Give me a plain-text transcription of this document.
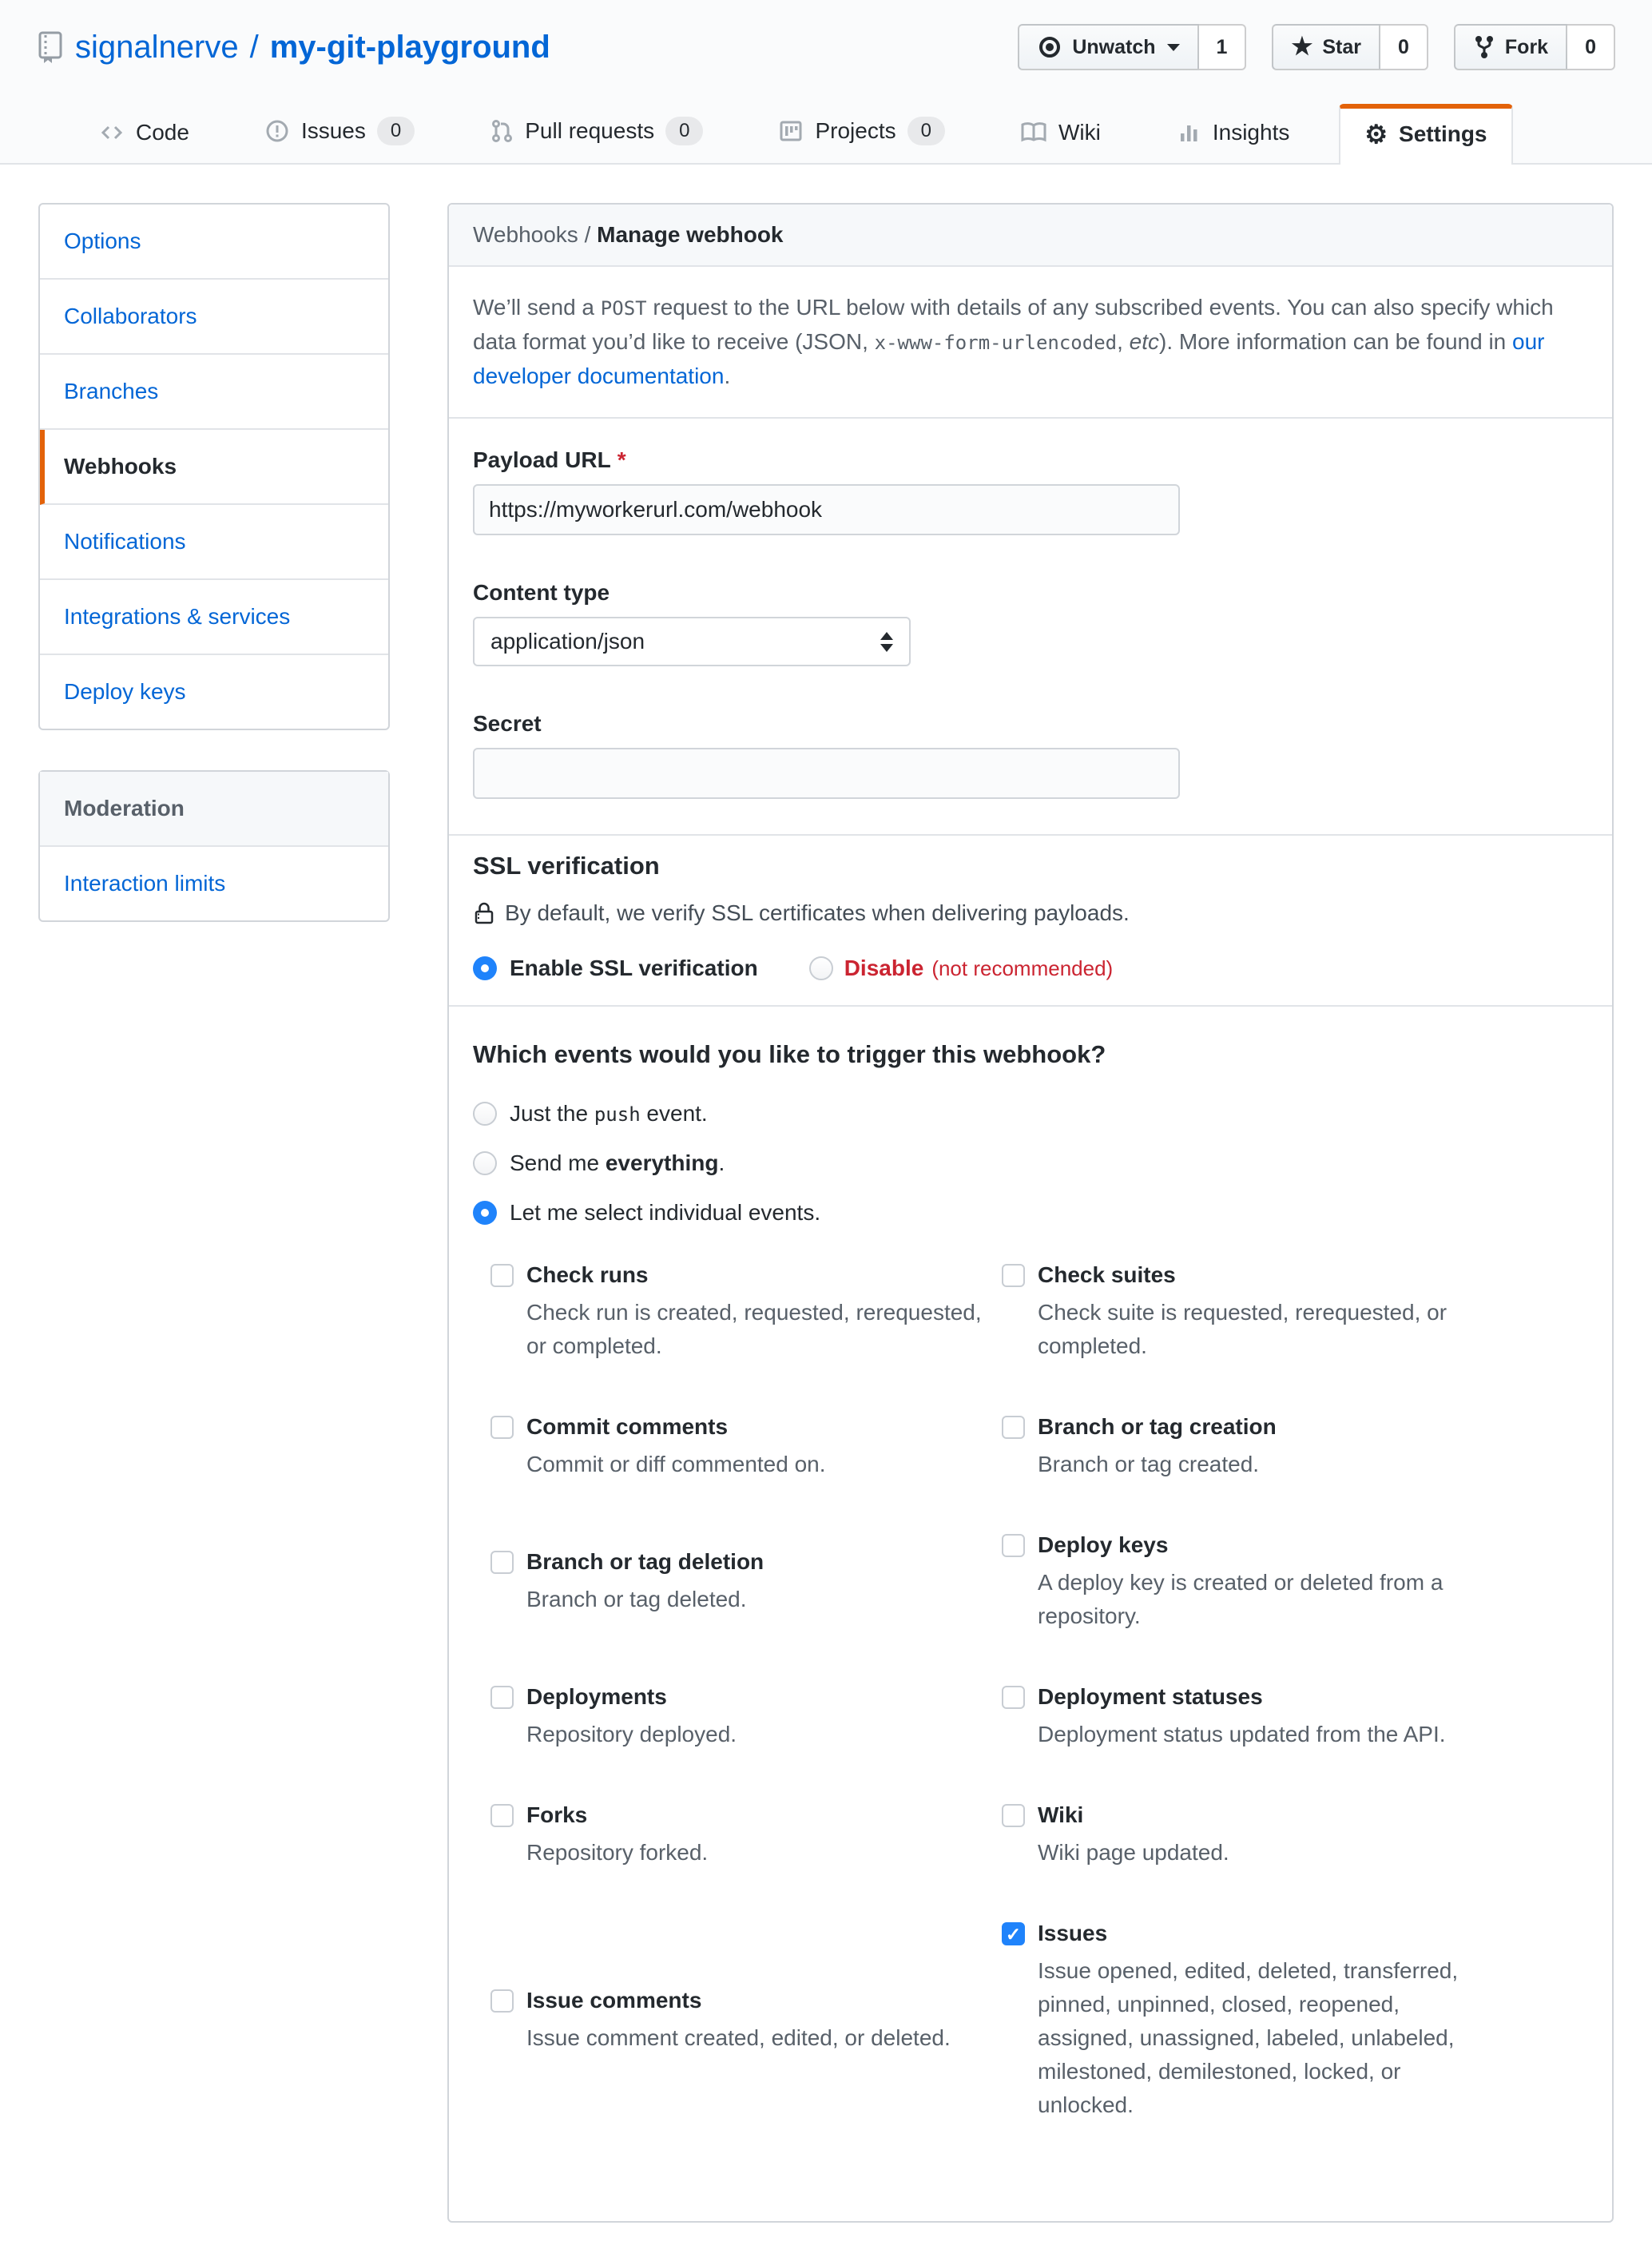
signalnerve / my-git-playground	Unwatch	1	★ Star	0	Fork	0
Code	Issues	0	Pull requests	0	Projects	0	Wiki	Insights	⚙ Settings
Options
Collaborators
Branches
Webhooks
Notifications
Integrations & services
Deploy keys
Moderation
Interaction limits
Webhooks / Manage webhook
We’ll send a POST request to the URL below with details of any subscribed events. You can also specify which data format you’d like to receive (JSON, x-www-form-urlencoded, etc). More information can be found in our developer documentation.
Payload URL *
https://myworkerurl.com/webhook
Content type
application/json
Secret
SSL verification
By default, we verify SSL certificates when delivering payloads.
Enable SSL verification	Disable (not recommended)
Which events would you like to trigger this webhook?
Just the push event.
Send me everything.
Let me select individual events.
Check runs
Check run is created, requested, rerequested, or completed.
Check suites
Check suite is requested, rerequested, or completed.
Commit comments
Commit or diff commented on.
Branch or tag creation
Branch or tag created.
Branch or tag deletion
Branch or tag deleted.
Deploy keys
A deploy key is created or deleted from a repository.
Deployments
Repository deployed.
Deployment statuses
Deployment status updated from the API.
Forks
Repository forked.
Wiki
Wiki page updated.
Issue comments
Issue comment created, edited, or deleted.
✓
Issues
Issue opened, edited, deleted, transferred, pinned, unpinned, closed, reopened, assigned, unassigned, labeled, unlabeled, milestoned, demilestoned, locked, or unlocked.
